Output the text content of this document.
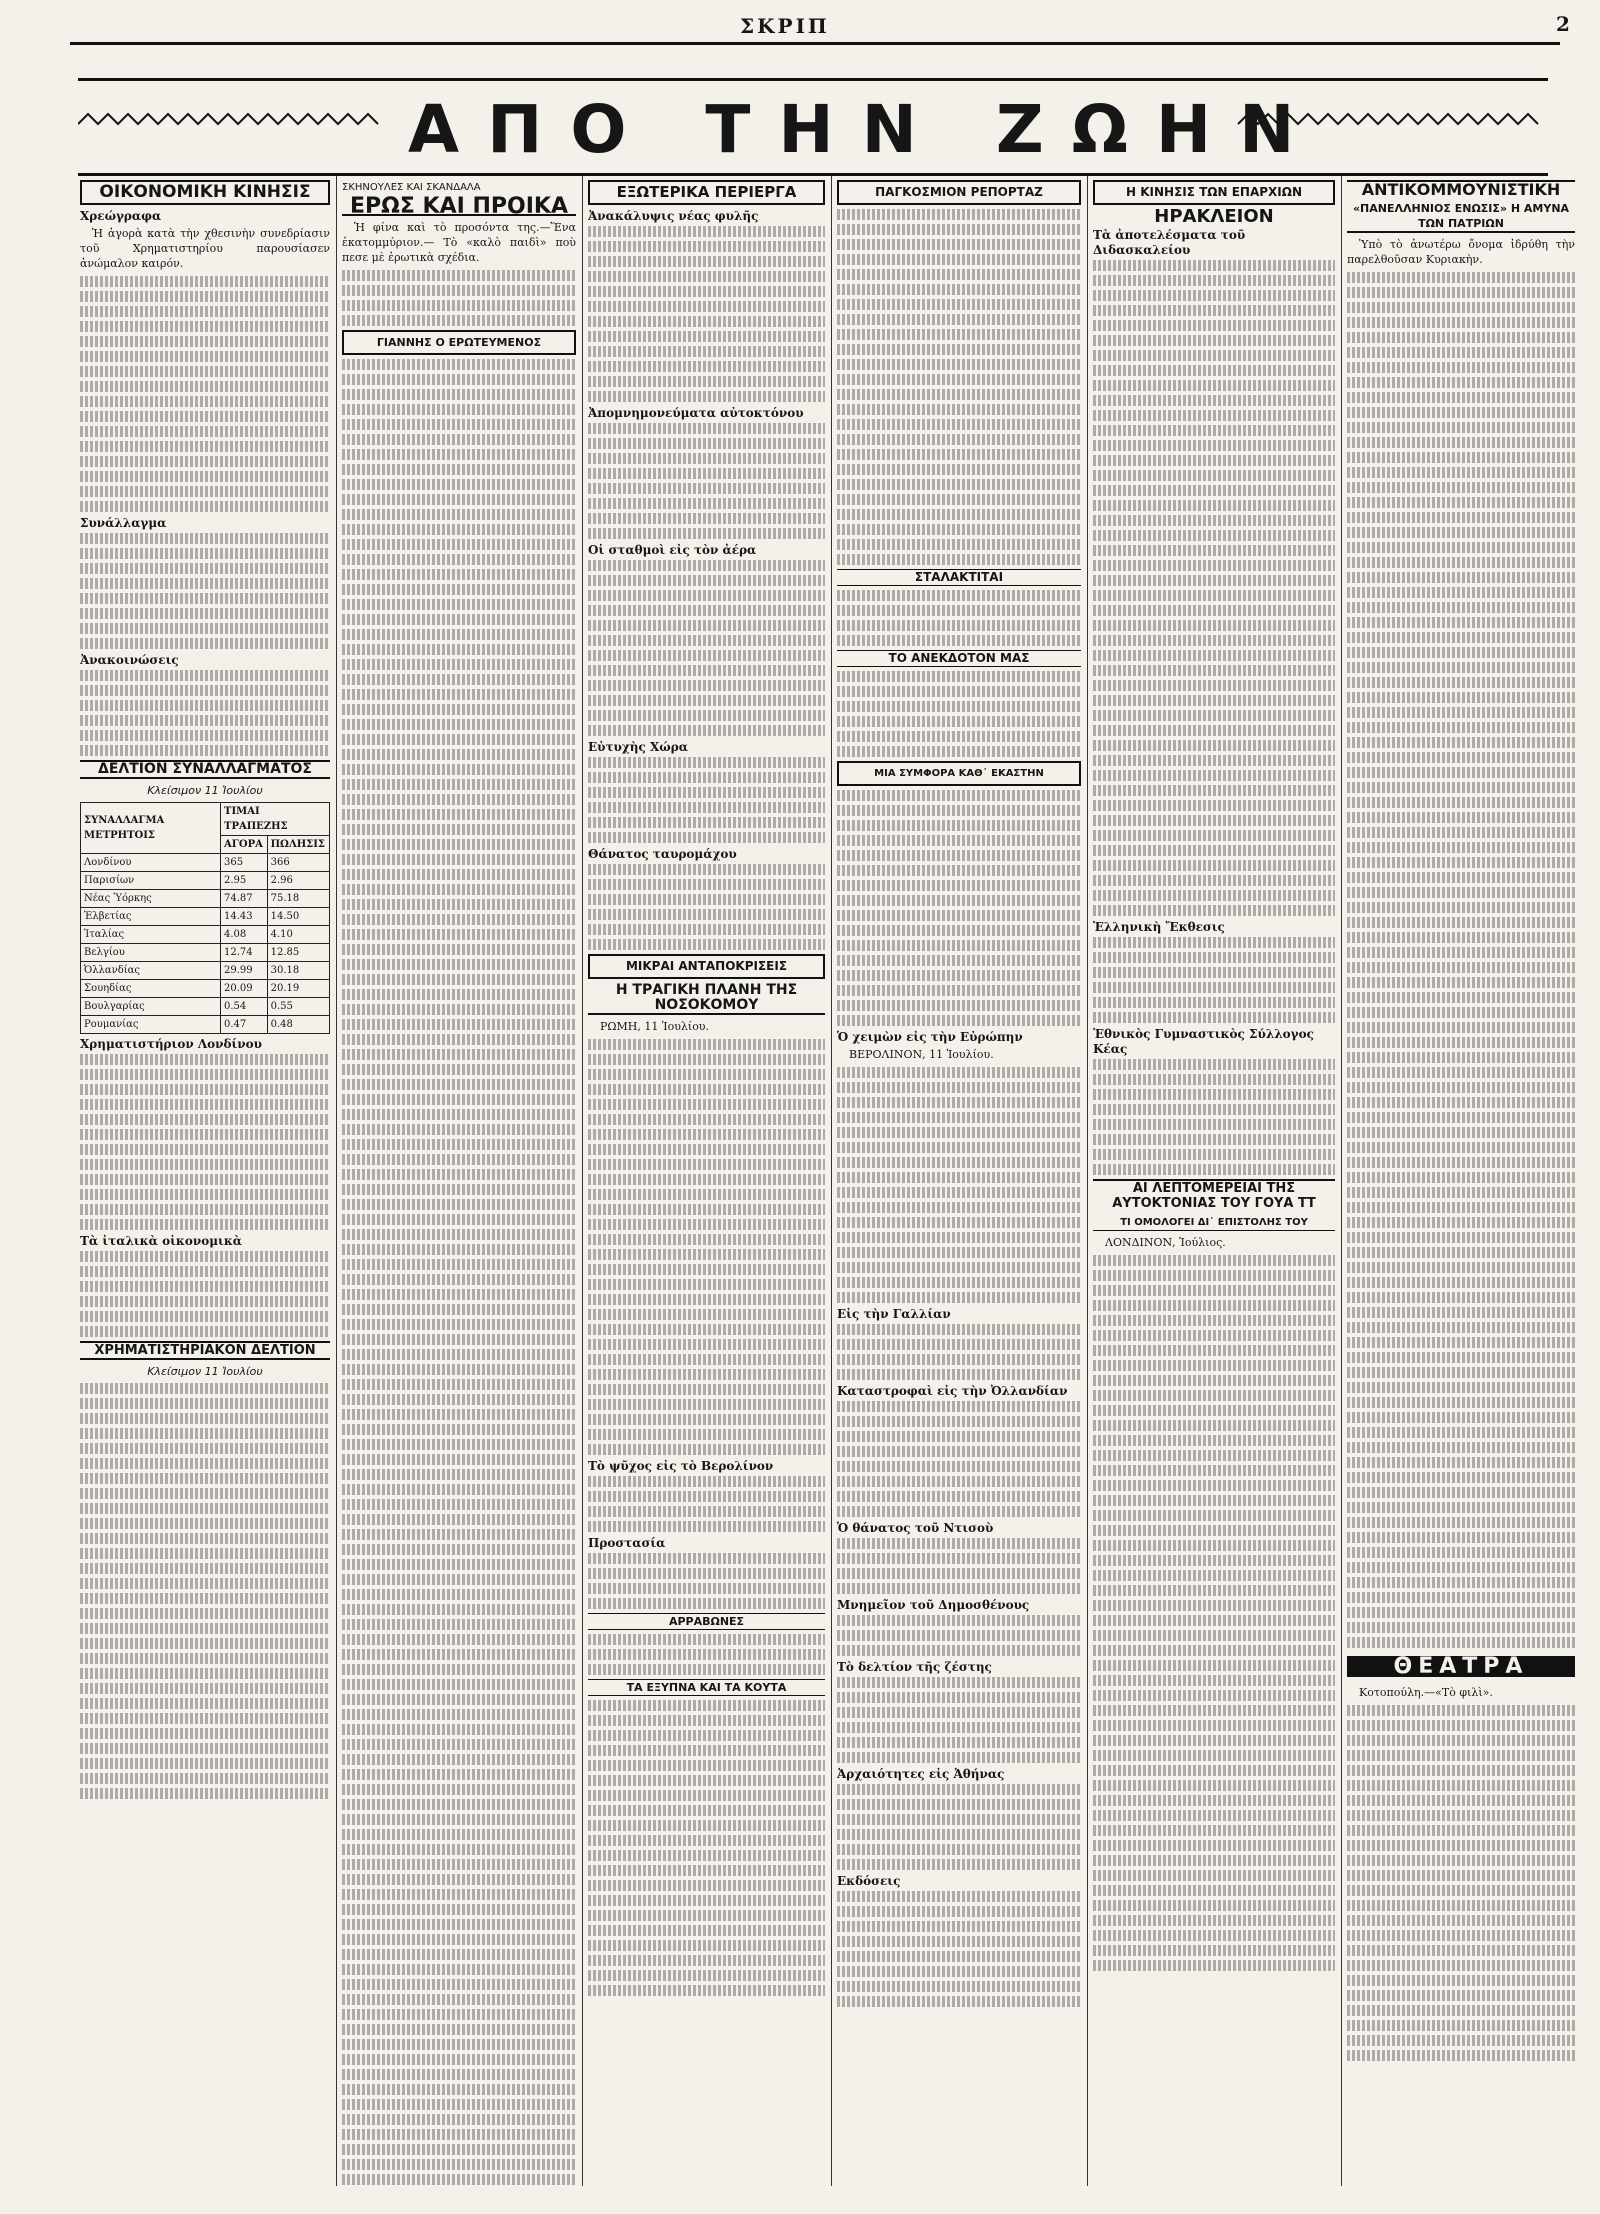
ΣΚΡΙΠ	2
ΑΠΟ ΤΗΝ ΖΩΗΝ
ΟΙΚΟΝΟΜΙΚΗ ΚΙΝΗΣΙΣ
Χρεώγραφα

Ἡ ἀγορὰ κατὰ τὴν χθεσινὴν συνεδρίασιν τοῦ Χρηματιστηρίου παρουσίασεν ἀνώμαλον καιρόν.

Συνάλλαγμα
Ἀνακοινώσεις
ΔΕΛΤΙΟΝ ΣΥΝΑΛΛΑΓΜΑΤΟΣ
Κλείσιμον 11 Ἰουλίου
ΣΥΝΑΛΛΑΓΜΑ ΜΕΤΡΗΤΟΙΣ	ΤΙΜΑΙ ΤΡΑΠΕΖΗΣ	
	ΑΓΟΡΑ	ΠΩΛΗΣΙΣ
Λονδίνου	365	366
Παρισίων	2.95	2.96
Νέας Ὑόρκης	74.87	75.18
Ἑλβετίας	14.43	14.50
Ἰταλίας	4.08	4.10
Βελγίου	12.74	12.85
Ὀλλανδίας	29.99	30.18
Σουηδίας	20.09	20.19
Βουλγαρίας	0.54	0.55
Ρουμανίας	0.47	0.48
Χρηματιστήριον Λονδίνου
Τὰ ἰταλικὰ οἰκονομικὰ
ΧΡΗΜΑΤΙΣΤΗΡΙΑΚΟΝ ΔΕΛΤΙΟΝ
Κλείσιμον 11 Ἰουλίου
ΣΚΗΝΟΥΛΕΣ ΚΑΙ ΣΚΑΝΔΑΛΑ
ΕΡΩΣ ΚΑΙ ΠΡΟΙΚΑ

Ἡ φίνα καὶ τὸ προσόντα της.—Ἕνα ἐκατομμύριον.— Τὸ «καλὸ παιδὶ» ποὺ πεσε μὲ ἐρωτικὰ σχέδια.

ΓΙΑΝΝΗΣ Ο ΕΡΩΤΕΥΜΕΝΟΣ
ΕΞΩΤΕΡΙΚΑ ΠΕΡΙΕΡΓΑ
Ἀνακάλυψις νέας φυλῆς
Ἀπομνημονεύματα αὐτοκτόνου
Οἱ σταθμοὶ εἰς τὸν ἀέρα
Εὐτυχὴς Χώρα
Θάνατος ταυρομάχου
ΜΙΚΡΑΙ ΑΝΤΑΠΟΚΡΙΣΕΙΣ
Η ΤΡΑΓΙΚΗ ΠΛΑΝΗ ΤΗΣ ΝΟΣΟΚΟΜΟΥ

ΡΩΜΗ, 11 Ἰουλίου.

Τὸ ψῦχος εἰς τὸ Βερολίνον
Προστασία
ΑΡΡΑΒΩΝΕΣ
ΤΑ ΕΞΥΠΝΑ ΚΑΙ ΤΑ ΚΟΥΤΑ
ΠΑΓΚΟΣΜΙΟΝ ΡΕΠΟΡΤΑΖ
ΣΤΑΛΑΚΤΙΤΑΙ
ΤΟ ΑΝΕΚΔΟΤΟΝ ΜΑΣ
ΜΙΑ ΣΥΜΦΟΡΑ ΚΑΘ᾽ ΕΚΑΣΤΗΝ
Ὁ χειμὼν εἰς τὴν Εὐρώπην

ΒΕΡΟΛΙΝΟΝ, 11 Ἰουλίου.

Εἰς τὴν Γαλλίαν
Καταστροφαὶ εἰς τὴν Ὀλλανδίαν
Ὁ θάνατος τοῦ Ντισοὺ
Μνημεῖον τοῦ Δημοσθένους
Τὸ δελτίον τῆς ζέστης
Ἀρχαιότητες εἰς Ἀθήνας
Εκδόσεις
Η ΚΙΝΗΣΙΣ ΤΩΝ ΕΠΑΡΧΙΩΝ
ΗΡΑΚΛΕΙΟΝ
Τὰ ἀποτελέσματα τοῦ Διδασκαλείου
Ἑλληνικὴ Ἔκθεσις
Ἐθνικὸς Γυμναστικὸς Σύλλογος Κέας
ΑΙ ΛΕΠΤΟΜΕΡΕΙΑΙ ΤΗΣ ΑΥΤΟΚΤΟΝΙΑΣ ΤΟΥ ΓΟΥΑ ΤΤ
ΤΙ ΟΜΟΛΟΓΕΙ ΔΙ᾽ ΕΠΙΣΤΟΛΗΣ ΤΟΥ

ΛΟΝΔΙΝΟΝ, Ἰούλιος.

ΑΝΤΙΚΟΜΜΟΥΝΙΣΤΙΚΗ
«ΠΑΝΕΛΛΗΝΙΟΣ ΕΝΩΣΙΣ» Η ΑΜΥΝΑ ΤΩΝ ΠΑΤΡΙΩΝ

Ὑπὸ τὸ ἀνωτέρω ὄνομα ἱδρύθη τὴν παρελθοῦσαν Κυριακὴν.

ΘΕΑΤΡΑ

Κοτοπούλη.—«Τὸ φιλὶ».
